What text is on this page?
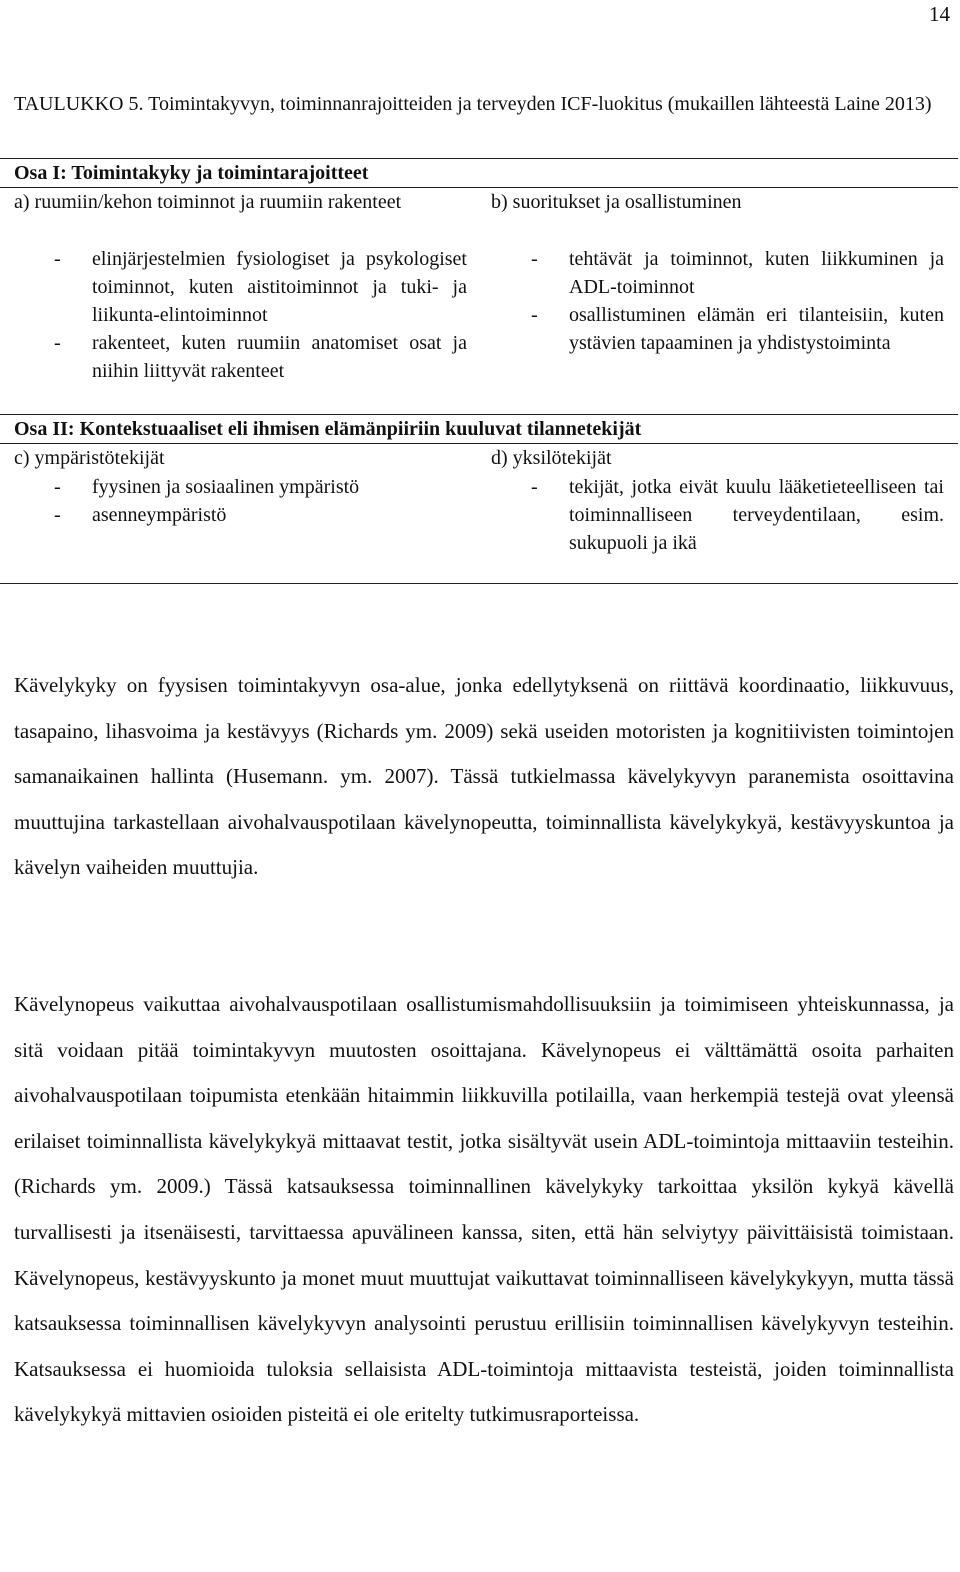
14
TAULUKKO 5. Toimintakyvyn, toiminnanrajoitteiden ja terveyden ICF-luokitus (mukaillen lähteestä Laine 2013)
Osa I: Toimintakyky ja toimintarajoitteet
a) ruumiin/kehon toiminnot ja ruumiin rakenteet	b) suoritukset ja osallistuminen
- elinjärjestelmien fysiologiset ja psykologiset toiminnot, kuten aistitoiminnot ja tuki- ja liikunta-elintoiminnot
- rakenteet, kuten ruumiin anatomiset osat ja niihin liittyvät rakenteet
- tehtävät ja toiminnot, kuten liikkuminen ja ADL-toiminnot
- osallistuminen elämän eri tilanteisiin, kuten ystävien tapaaminen ja yhdistystoiminta
Osa II: Kontekstuaaliset eli ihmisen elämänpiiriin kuuluvat tilannetekijät
c) ympäristötekijät	d) yksilötekijät
- fyysinen ja sosiaalinen ympäristö
- asenneympäristö
- tekijät, jotka eivät kuulu lääketieteelliseen tai toiminnalliseen terveydentilaan, esim. sukupuoli ja ikä
Kävelykyky on fyysisen toimintakyvyn osa-alue, jonka edellytyksenä on riittävä koordinaatio, liikkuvuus, tasapaino, lihasvoima ja kestävyys (Richards ym. 2009) sekä useiden motoristen ja kognitiivisten toimintojen samanaikainen hallinta (Husemann. ym. 2007). Tässä tutkielmassa kävelykyvyn paranemista osoittavina muuttujina tarkastellaan aivohalvauspotilaan kävelynopeutta, toiminnallista kävelykykyä, kestävyyskuntoa ja kävelyn vaiheiden muuttujia.
Kävelynopeus vaikuttaa aivohalvauspotilaan osallistumismahdollisuuksiin ja toimimiseen yhteiskunnassa, ja sitä voidaan pitää toimintakyvyn muutosten osoittajana. Kävelynopeus ei välttämättä osoita parhaiten aivohalvauspotilaan toipumista etenkään hitaimmin liikkuvilla potilailla, vaan herkempiä testejä ovat yleensä erilaiset toiminnallista kävelykykyä mittaavat testit, jotka sisältyvät usein ADL-toimintoja mittaaviin testeihin. (Richards ym. 2009.) Tässä katsauksessa toiminnallinen kävelykyky tarkoittaa yksilön kykyä kävellä turvallisesti ja itsenäisesti, tarvittaessa apuvälineen kanssa, siten, että hän selviytyy päivittäisistä toimistaan. Kävelynopeus, kestävyyskunto ja monet muut muuttujat vaikuttavat toiminnalliseen kävelykykyyn, mutta tässä katsauksessa toiminnallisen kävelykyvyn analysointi perustuu erillisiin toiminnallisen kävelykyvyn testeihin. Katsauksessa ei huomioida tuloksia sellaisista ADL-toimintoja mittaavista testeistä, joiden toiminnallista kävelykykyä mittavien osioiden pisteitä ei ole eritelty tutkimusraporteissa.
